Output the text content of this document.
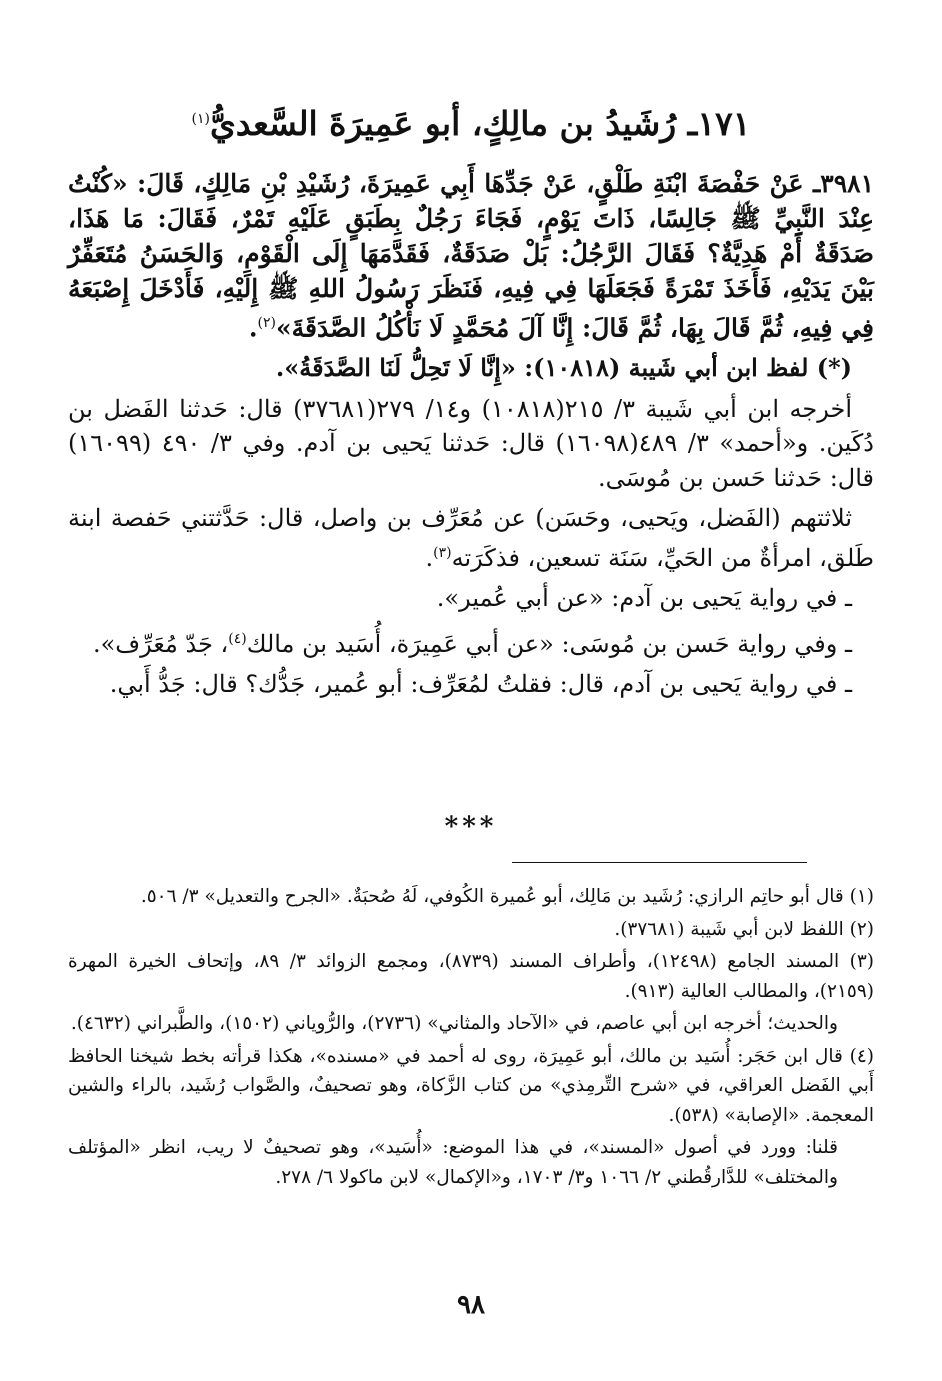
١٧١ـ رُشَيدُ بن مالِكٍ، أبو عَمِيرَةَ السَّعديُّ$^{(١)}$

٣٩٨١ـ عَنْ حَفْصَةَ ابْنَةِ طَلْقٍ، عَنْ جَدِّهَا أَبِي عَمِيرَةَ، رُشَيْدِ بْنِ مَالِكٍ، قَالَ: «كُنْتُ عِنْدَ النَّبِيِّ ﷺ جَالِسًا، ذَاتَ يَوْمٍ، فَجَاءَ رَجُلٌ بِطَبَقٍ عَلَيْهِ تَمْرٌ، فَقَالَ: مَا هَذَا، صَدَقَةٌ أَمْ هَدِيَّةٌ؟ فَقَالَ الرَّجُلُ: بَلْ صَدَقَةٌ، فَقَدَّمَهَا إِلَى الْقَوْمِ، وَالحَسَنُ مُتَعَفِّرٌ بَيْنَ يَدَيْهِ، فَأَخَذَ تَمْرَةً فَجَعَلَهَا فِي فِيهِ، فَنَظَرَ رَسُولُ اللهِ ﷺ إِلَيْهِ، فَأَدْخَلَ إِصْبَعَهُ فِي فِيهِ، ثُمَّ قَالَ بِهَا، ثُمَّ قَالَ: إِنَّا آلَ مُحَمَّدٍ لَا نَأْكُلُ الصَّدَقَةَ»$^{(٢)}$.

(*) لفظ ابن أبي شَيبة (١٠٨١٨): «إِنَّا لَا تَحِلُّ لَنَا الصَّدَقَةُ».

أخرجه ابن أبي شَيبة ٣/ ٢١٥(١٠٨١٨) و١٤/ ٢٧٩(٣٧٦٨١) قال: حَدثنا الفَضل بن دُكَين. و«أحمد» ٣/ ٤٨٩(١٦٠٩٨) قال: حَدثنا يَحيى بن آدم. وفي ٣/ ٤٩٠ (١٦٠٩٩) قال: حَدثنا حَسن بن مُوسَى.

ثلاثتهم (الفَضل، ويَحيى، وحَسَن) عن مُعَرِّف بن واصل، قال: حَدَّثتني حَفصة ابنة طَلق، امرأةٌ من الحَيِّ، سَنَة تسعين، فذكَرَته$^{(٣)}$.

ـ في رواية يَحيى بن آدم: «عن أبي عُمير».

ـ وفي رواية حَسن بن مُوسَى: «عن أبي عَمِيرَة، أُسَيد بن مالك$^{(٤)}$، جَدّ مُعَرِّف».

ـ في رواية يَحيى بن آدم، قال: فقلتُ لمُعَرِّف: أبو عُمير، جَدُّك؟ قال: جَدُّ أَبي.

***

(١) قال أبو حاتِم الرازي: رُشَيد بن مَالِك، أبو عُميرة الكُوفي، لَهُ صُحبَةٌ. «الجرح والتعديل» ٣/ ٥٠٦.

(٢) اللفظ لابن أبي شَيبة (٣٧٦٨١).

(٣) المسند الجامع (١٢٤٩٨)، وأطراف المسند (٨٧٣٩)، ومجمع الزوائد ٣/ ٨٩، وإتحاف الخيرة المهرة (٢١٥٩)، والمطالب العالية (٩١٣).

والحديث؛ أخرجه ابن أبي عاصم، في «الآحاد والمثاني» (٢٧٣٦)، والرُّوياني (١٥٠٢)، والطَّبراني (٤٦٣٢).

(٤) قال ابن حَجَر: أُسَيد بن مالك، أبو عَمِيرَة، روى له أحمد في «مسنده»، هكذا قرأته بخط شيخنا الحافظ أَبي الفَضل العراقي، في «شرح التِّرمِذي» من كتاب الزَّكاة، وهو تصحيفٌ، والصَّواب رُشَيد، بالراء والشين المعجمة. «الإصابة» (٥٣٨).

قلنا: وورد في أصول «المسند»، في هذا الموضع: «أُسَيد»، وهو تصحيفٌ لا ريب، انظر «المؤتلف والمختلف» للدَّارقُطني ٢/ ١٠٦٦ و٣/ ١٧٠٣، و«الإكمال» لابن ماكولا ٦/ ٢٧٨.

٩٨
